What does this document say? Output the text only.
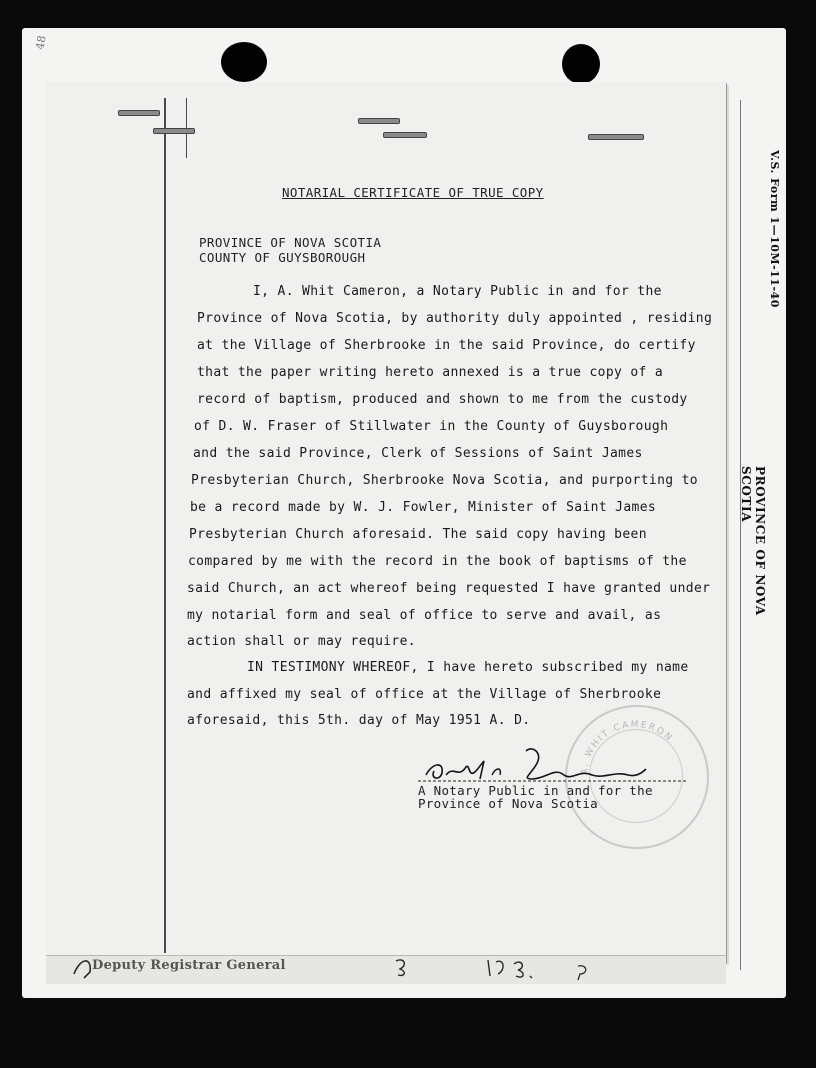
48
V.S. Form 1—10M-11-40
PROVINCE OF NOVA SCOTIA
NOTARIAL CERTIFICATE OF TRUE COPY
PROVINCE OF NOVA SCOTIA
COUNTY OF GUYSBOROUGH
I, A. Whit Cameron, a Notary Public in and for the
Province of Nova Scotia, by authority duly appointed , residing
at the Village of Sherbrooke in the said Province, do certify
that the paper writing hereto annexed is a true copy of a
record of baptism, produced and shown to me from the custody
of D. W. Fraser of Stillwater in the County of Guysborough
and the said Province, Clerk of Sessions of Saint James
Presbyterian Church, Sherbrooke Nova Scotia, and purporting to
be a record made by W. J. Fowler, Minister of Saint James
Presbyterian Church aforesaid. The said copy having been
compared by me with the record in the book of baptisms of the
said Church, an act whereof being requested I have granted under
my notarial form and seal of office to serve and avail, as
action shall or may require.
IN TESTIMONY WHEREOF, I have hereto subscribed my name
and affixed my seal of office at the Village of Sherbrooke
aforesaid, this 5th. day of May 1951 A. D.
A. WHIT CAMERON
A Notary Public in and for the
Province of Nova Scotia
Deputy Registrar General
